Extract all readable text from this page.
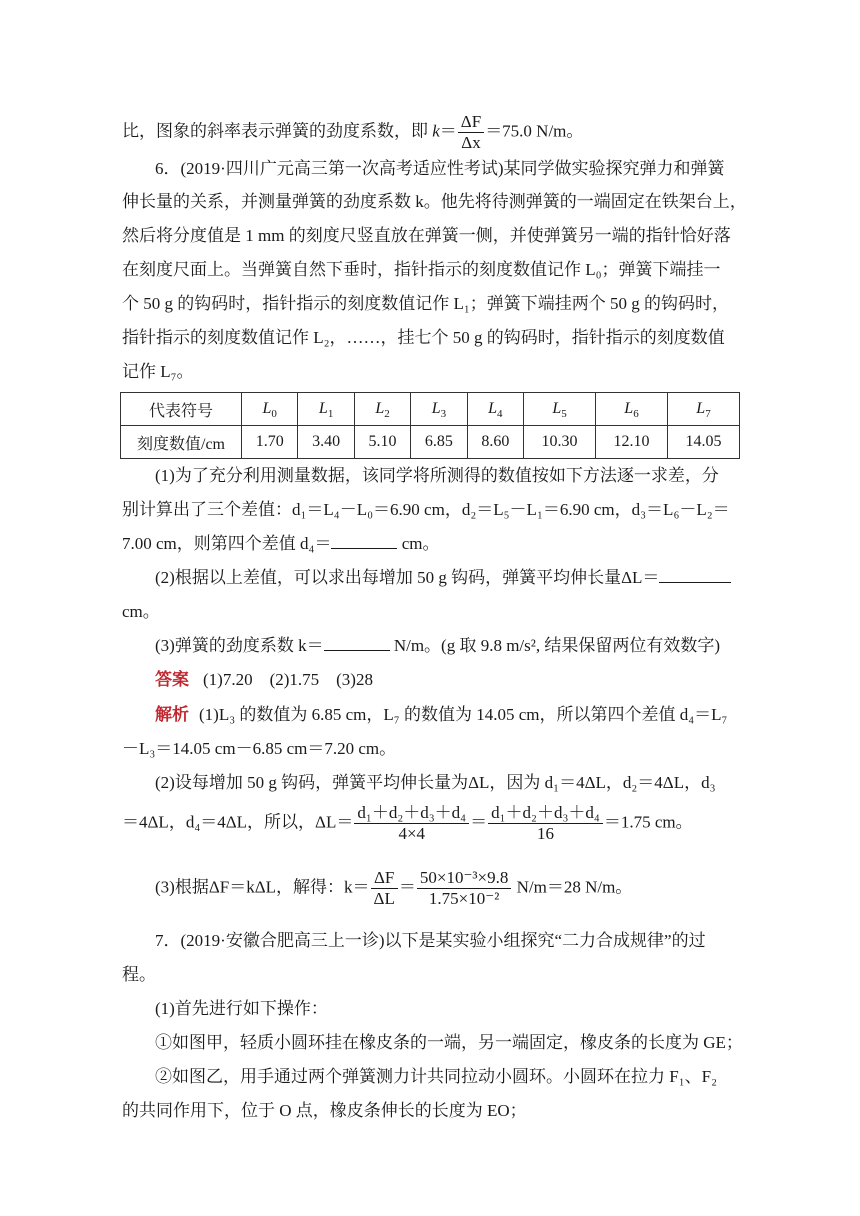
比，图象的斜率表示弹簧的劲度系数，即 $k= \frac{\Delta F}{\Delta x} =75.0$ N/m。
6．(2019·四川广元高三第一次高考适应性考试)某同学做实验探究弹力和弹簧
伸长量的关系，并测量弹簧的劲度系数 k。他先将待测弹簧的一端固定在铁架台上，
然后将分度值是 1 mm 的刻度尺竖直放在弹簧一侧，并使弹簧另一端的指针恰好落
在刻度尺面上。当弹簧自然下垂时，指针指示的刻度数值记作 L₀；弹簧下端挂一
个 50 g 的钩码时，指针指示的刻度数值记作 L₁；弹簧下端挂两个 50 g 的钩码时，
指针指示的刻度数值记作 L₂，……，挂七个 50 g 的钩码时，指针指示的刻度数值
记作 L₇。
代表符号	$L_0$	$L_1$	$L_2$	$L_3$	$L_4$	$L_5$	$L_6$	$L_7$
刻度数值/cm	1.70	3.40	5.10	6.85	8.60	10.30	12.10	14.05
(1)为了充分利用测量数据，该同学将所测得的数值按如下方法逐一求差，分
别计算出了三个差值：d₁＝L₄－L₀＝6.90 cm，d₂＝L₅－L₁＝6.90 cm，d₃＝L₆－L₂＝
7.00 cm，则第四个差值 d₄＝	cm。
(2)根据以上差值，可以求出每增加 50 g 钩码，弹簧平均伸长量ΔL＝
cm。
(3)弹簧的劲度系数 k＝	N/m。(g 取 9.8 m/s², 结果保留两位有效数字)
答案 (1)7.20　(2)1.75　(3)28
解析 (1)L₃ 的数值为 6.85 cm，L₇ 的数值为 14.05 cm，所以第四个差值 d₄＝L₇
－L₃＝14.05 cm－6.85 cm＝7.20 cm。
(2)设每增加 50 g 钩码，弹簧平均伸长量为ΔL，因为 d₁＝4ΔL，d₂＝4ΔL，d₃
＝4ΔL，d₄＝4ΔL，所以，$\Delta L= \frac{\text{d₁＋d₂＋d₃＋d₄}}{4\times 4} = \frac{\text{d₁＋d₂＋d₃＋d₄}}{16} =1.75$ cm。
(3)根据ΔF＝kΔL，解得：$k= \frac{\Delta F}{\Delta L} = \frac{\text{50×10⁻³×9.8}}{\text{1.75×10⁻²}} N/m=28$ N/m。
7．(2019·安徽合肥高三上一诊)以下是某实验小组探究“二力合成规律”的过
程。
(1)首先进行如下操作：
①如图甲，轻质小圆环挂在橡皮条的一端，另一端固定，橡皮条的长度为 GE；
②如图乙，用手通过两个弹簧测力计共同拉动小圆环。小圆环在拉力 F₁、F₂
的共同作用下，位于 O 点，橡皮条伸长的长度为 EO；
